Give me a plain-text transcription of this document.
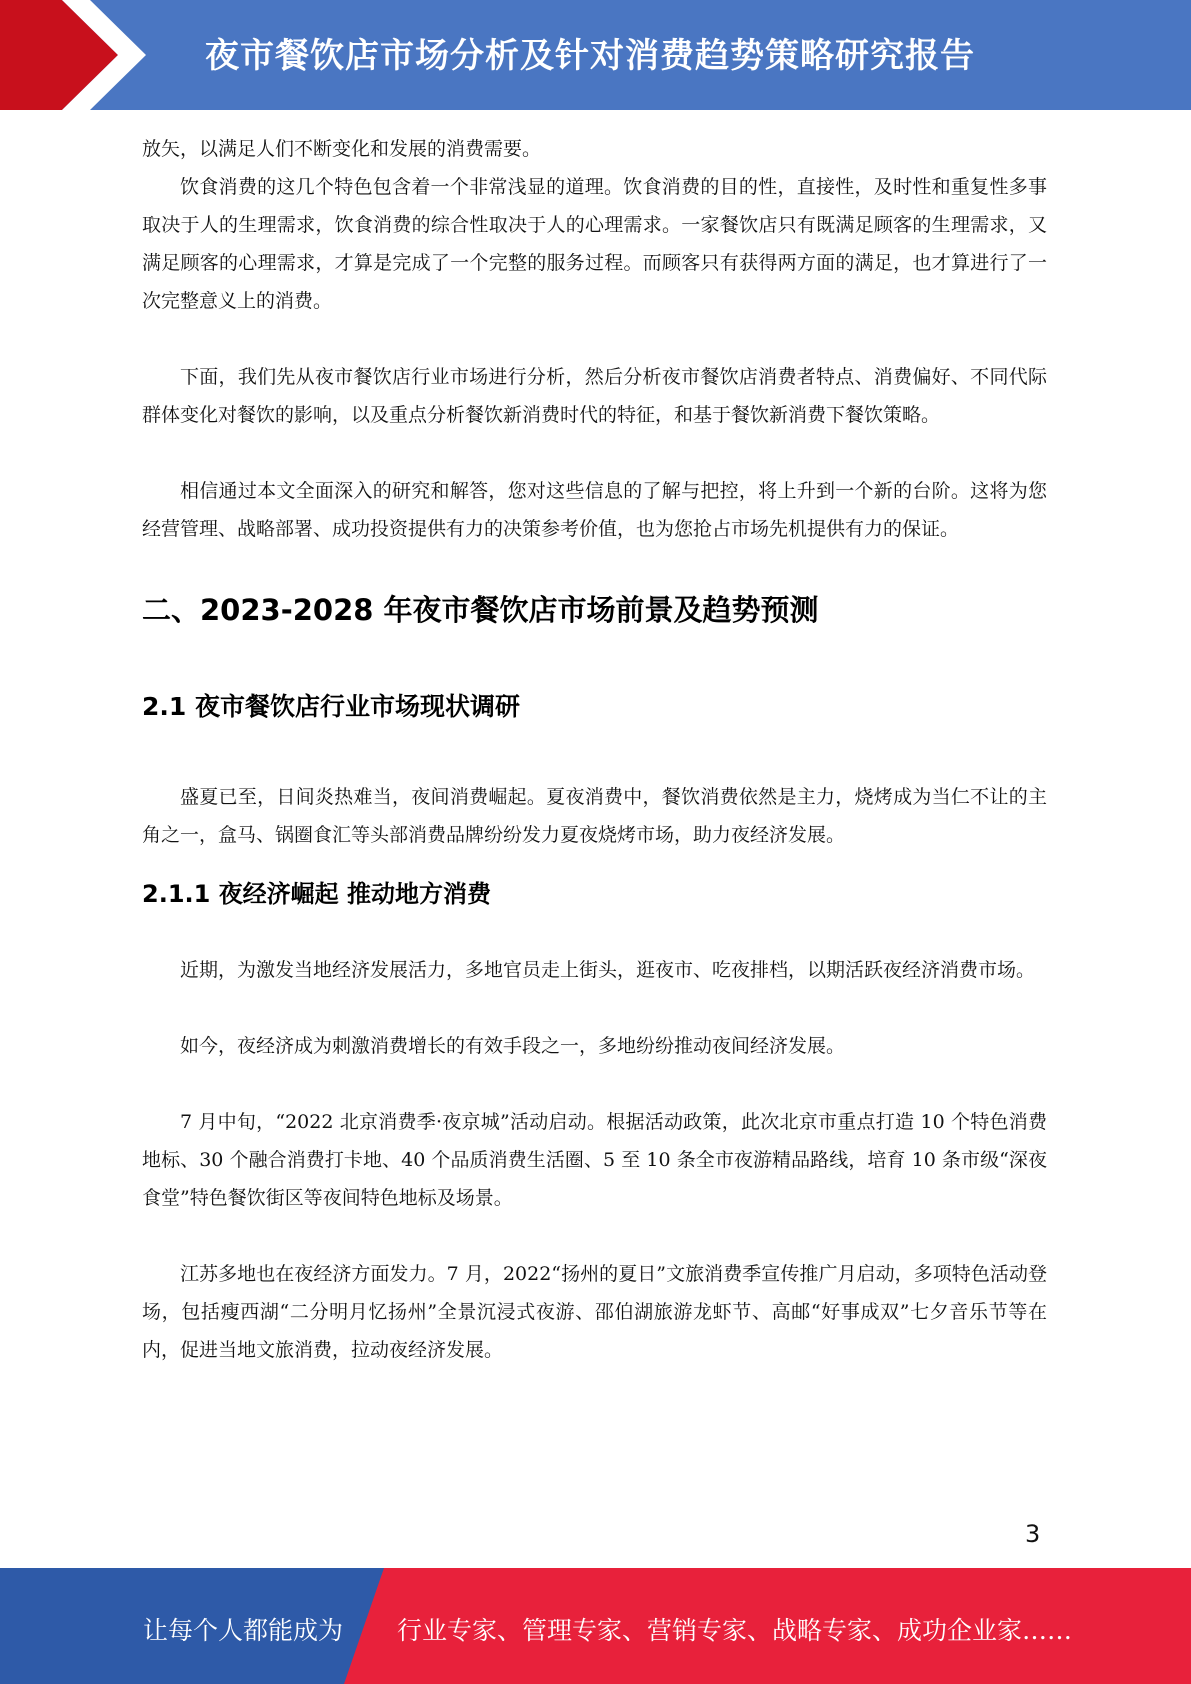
夜市餐饮店市场分析及针对消费趋势策略研究报告

放矢，以满足人们不断变化和发展的消费需要。

饮食消费的这几个特色包含着一个非常浅显的道理。饮食消费的目的性，直接性，及时性和重复性多事取决于人的生理需求，饮食消费的综合性取决于人的心理需求。一家餐饮店只有既满足顾客的生理需求，又满足顾客的心理需求，才算是完成了一个完整的服务过程。而顾客只有获得两方面的满足，也才算进行了一次完整意义上的消费。

下面，我们先从夜市餐饮店行业市场进行分析，然后分析夜市餐饮店消费者特点、消费偏好、不同代际群体变化对餐饮的影响，以及重点分析餐饮新消费时代的特征，和基于餐饮新消费下餐饮策略。

相信通过本文全面深入的研究和解答，您对这些信息的了解与把控，将上升到一个新的台阶。这将为您经营管理、战略部署、成功投资提供有力的决策参考价值，也为您抢占市场先机提供有力的保证。

二、2023-2028 年夜市餐饮店市场前景及趋势预测
2.1 夜市餐饮店行业市场现状调研

盛夏已至，日间炎热难当，夜间消费崛起。夏夜消费中，餐饮消费依然是主力，烧烤成为当仁不让的主角之一，盒马、锅圈食汇等头部消费品牌纷纷发力夏夜烧烤市场，助力夜经济发展。

2.1.1 夜经济崛起 推动地方消费

近期，为激发当地经济发展活力，多地官员走上街头，逛夜市、吃夜排档，以期活跃夜经济消费市场。

如今，夜经济成为刺激消费增长的有效手段之一，多地纷纷推动夜间经济发展。

7 月中旬，“2022 北京消费季·夜京城”活动启动。根据活动政策，此次北京市重点打造 10 个特色消费地标、30 个融合消费打卡地、40 个品质消费生活圈、5 至 10 条全市夜游精品路线，培育 10 条市级“深夜食堂”特色餐饮街区等夜间特色地标及场景。

江苏多地也在夜经济方面发力。7 月，2022“扬州的夏日”文旅消费季宣传推广月启动，多项特色活动登场，包括瘦西湖“二分明月忆扬州”全景沉浸式夜游、邵伯湖旅游龙虾节、高邮“好事成双”七夕音乐节等在内，促进当地文旅消费，拉动夜经济发展。

3
让每个人都能成为 行业专家、管理专家、营销专家、战略专家、成功企业家……
